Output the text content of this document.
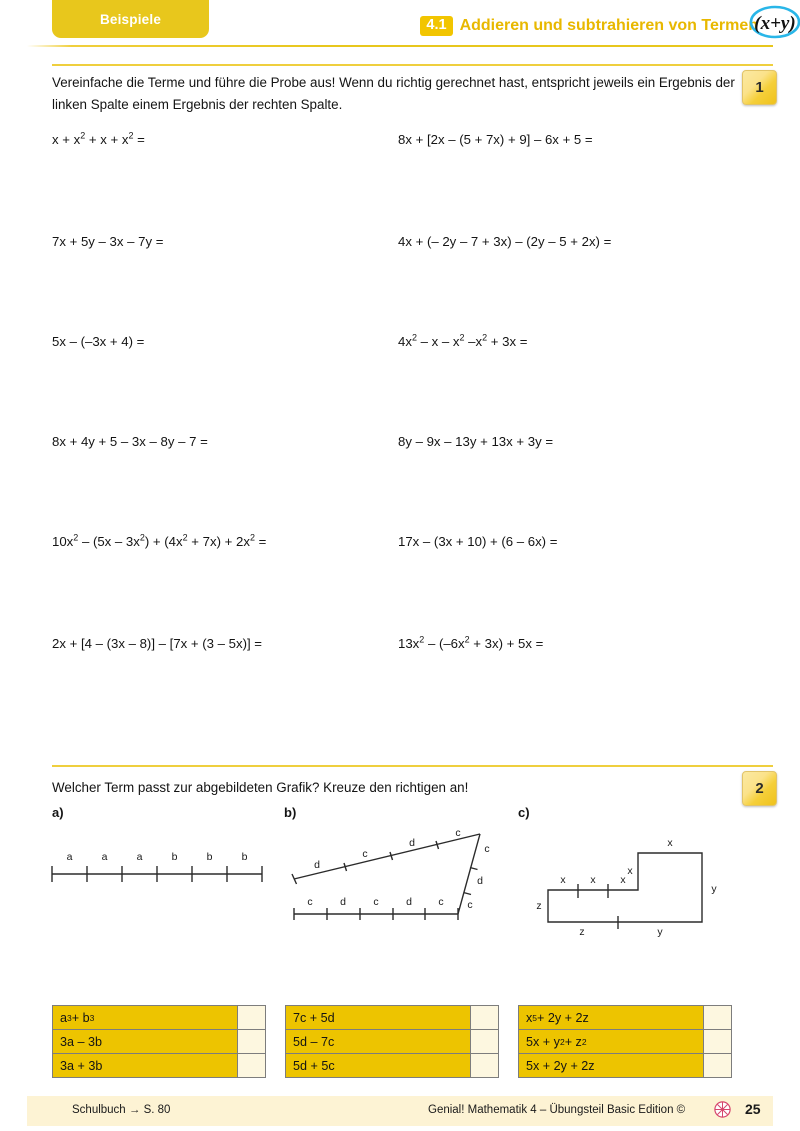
Beispiele	4.1 Addieren und subtrahieren von Termen
(x+y)
Vereinfache die Terme und führe die Probe aus! Wenn du richtig gerechnet hast, entspricht jeweils ein Ergebnis der linken Spalte einem Ergebnis der rechten Spalte.
1
$x + x^2 + x + x^2$ =
7x + 5y – 3x – 7y =
5x – (–3x + 4) =
8x + 4y + 5 – 3x – 8y – 7 =
$10x^2 - (5x - 3x^2) + (4x^2 + 7x) + 2x^2$ =
2x + [4 – (3x – 8)] – [7x + (3 – 5x)] =
8x + [2x – (5 + 7x) + 9] – 6x + 5 =
4x + (– 2y – 7 + 3x) – (2y – 5 + 2x) =
$4x^2$ – x – $x^2$ $-x^2 + 3x$ =
8y – 9x – 13y + 13x + 3y =
17x – (3x + 10) + (6 – 6x) =
$13x^2 - (-6x^2 + 3x) + 5x$ =
Welcher Term passt zur abgebildeten Grafik? Kreuze den richtigen an!	2
a)	b)	c)
a	a	a	b	b	b
c	d	c	d	c
c
d
c
d
c
d
c
x
x x x
x
z
y
z	y
a 3 + b 3
3a – 3b
3a + 3b
7c + 5d
5d – 7c
5d + 5c
x 5 + 2y + 2z
5x + y 2 + z 2
5x + 2y + 2z
Schulbuch → S. 80	Genial! Mathematik 4 – Übungsteil Basic Edition ©	25
